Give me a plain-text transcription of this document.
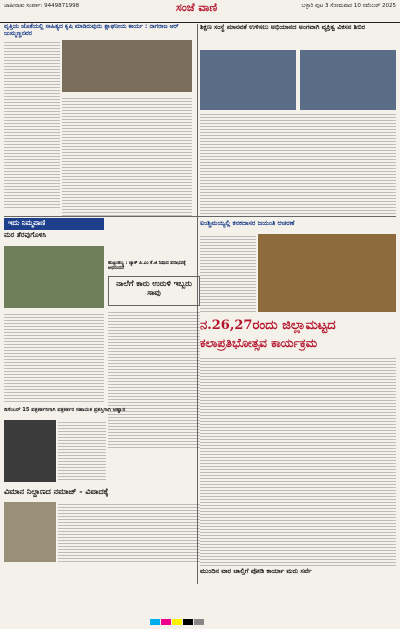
ಜಾಹೀರಾತು ಸಂಪರ್ಕ: 9449871998	ಸಂಜೆ ವಾಣಿ	ಬಳ್ಳಾರಿ ಪುಟ 3 ಸೋಮವಾರ 10 ನವೆಂಬರ್ 2025
ವೃತ್ತಿಯ ಜೊತೆಯಲ್ಲಿ ಸಾಹಿತ್ಯದ ಕೃಷಿ ಮಾಡಿರುವುದು ಶ್ಲಾಘನೀಯ ಕಾರ್ಯ : ನಾಗರಾಜ ಆರ್ ಜುಮ್ಮಣ್ಣನವರ
ಶಿಕ್ಷಣ ಸಂಸ್ಥೆ ಮಾನವತೆ ಉಳಿಸಲು ಅಭಿಯಾನದ ಅಂಗವಾಗಿ ವ್ಯಕ್ತಿತ್ವ ವಿಕಸನ ಶಿಬಿರ
ಇದು ನಿಮ್ಮವಾಣಿ
ಮರ ತೆರವುಗೊಳಿಸಿ
ಹುಟ್ಟುಹಬ್ಬ : ಜ್ಯಾಕ್ ಪಿ.ಎಂ ಕೆ.ಜಿ ನಿಷಾದ ಪರಾಭವಕ್ಕೆ ಅಭಿನಂದನೆ
ನಾಲೆಗೆ ಕಾರು ಉರುಳಿ ಇಬ್ಬರು ಸಾವು
ಐಂಶ್ಚಿಮಯ್ಯಲ್ಲಿ ಕನಕದಾಸರ ಜಯಂತಿ ಆಚರಣೆ
ನ.26,27ರಂದು ಜಿಲ್ಲಾಮಟ್ಟದ
ಕಲಾಪ್ರತಿಭೋತ್ಸವ ಕಾರ್ಯಕ್ರಮ
ಡಿಸೆಂಬರ್ 15 ಪತ್ರಕರ್ತರಿಗಾಗಿ ಪತ್ರಕರ್ತರ ಸಹಾಯಕ ಪ್ರಶಸ್ತಿಗಾಗಿ ಆಹ್ವಾನ
ವಿಮಾನ ನಿಲ್ದಾಣದ ನಮಾಜ್ - ವಿವಾದಕ್ಕೆ
ಮುಂದಿನ ವಾರ ಚಾಲ್ತಿಗೆ ಪೋಡಿ ಕಾರ್ಯಾ ಮರು ಸರ್ವೆ
